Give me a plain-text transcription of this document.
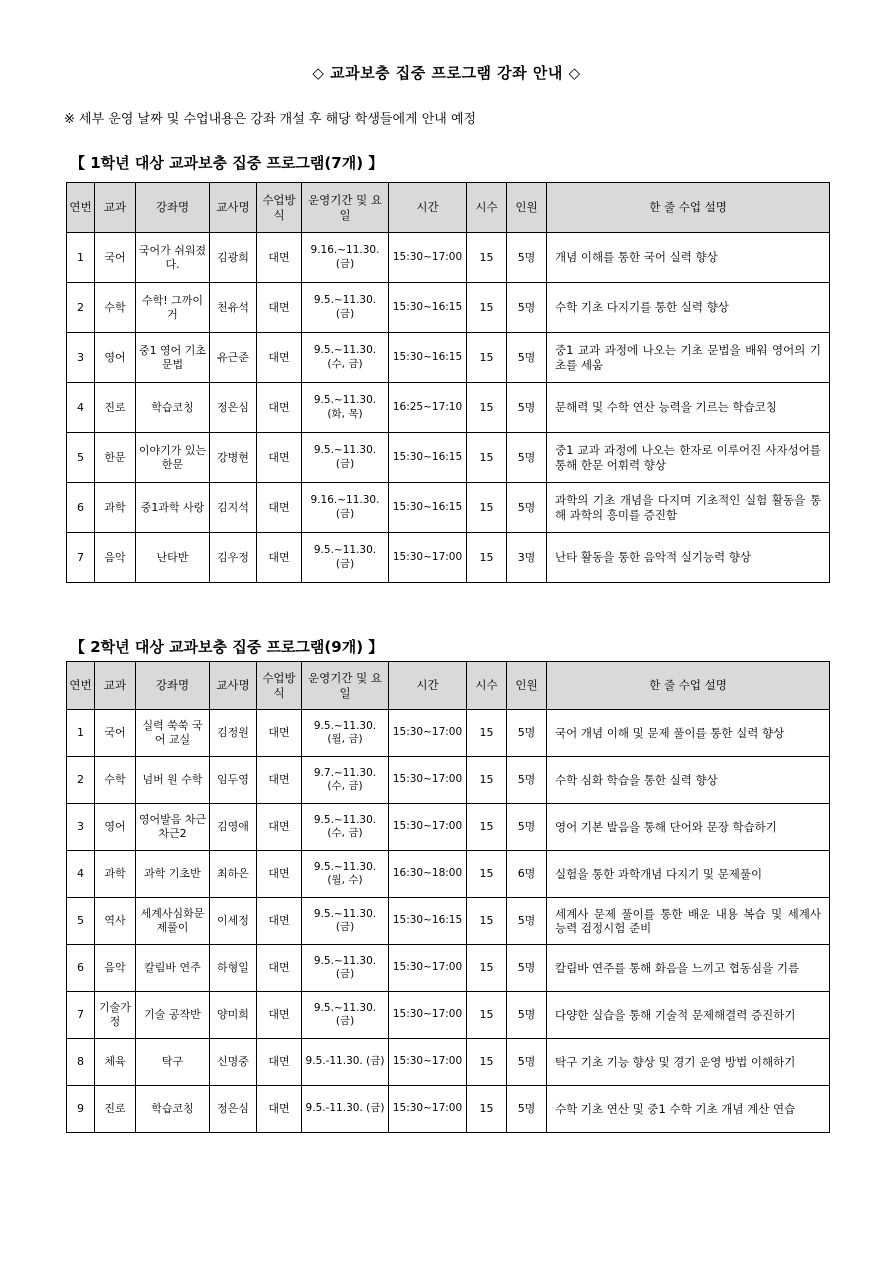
◇ 교과보충 집중 프로그램 강좌 안내 ◇
※ 세부 운영 날짜 및 수업내용은 강좌 개설 후 해당 학생들에게 안내 예정
【 1학년 대상 교과보충 집중 프로그램(7개) 】
연번	교과	강좌명	교사명	수업방식	운영기간 및 요일	시간	시수	인원	한 줄 수업 설명
1	국어	국어가 쉬워졌다.	김광희	대면	9.16.~11.30. (금)	15:30~17:00	15	5명	개념 이해를 통한 국어 실력 향상
2	수학	수학! 그까이거	천유석	대면	9.5.~11.30. (금)	15:30~16:15	15	5명	수학 기초 다지기를 통한 실력 향상
3	영어	중1 영어 기초문법	유근준	대면	9.5.~11.30. (수, 금)	15:30~16:15	15	5명	중1 교과 과정에 나오는 기초 문법을 배워 영어의 기초를 세움
4	진로	학습코칭	정은심	대면	9.5.~11.30. (화, 목)	16:25~17:10	15	5명	문해력 및 수학 연산 능력을 기르는 학습코칭
5	한문	이야기가 있는 한문	강병현	대면	9.5.~11.30. (금)	15:30~16:15	15	5명	중1 교과 과정에 나오는 한자로 이루어진 사자성어를 통해 한문 어휘력 향상
6	과학	중1과학 사랑	김지석	대면	9.16.~11.30. (금)	15:30~16:15	15	5명	과학의 기초 개념을 다지며 기초적인 실험 활동을 통해 과학의 흥미를 증진함
7	음악	난타반	김우정	대면	9.5.~11.30. (금)	15:30~17:00	15	3명	난타 활동을 통한 음악적 실기능력 향상
【 2학년 대상 교과보충 집중 프로그램(9개) 】
연번	교과	강좌명	교사명	수업방식	운영기간 및 요일	시간	시수	인원	한 줄 수업 설명
1	국어	실력 쑥쑥 국어 교실	김정원	대면	9.5.~11.30. (월, 금)	15:30~17:00	15	5명	국어 개념 이해 및 문제 풀이를 통한 실력 향상
2	수학	넘버 원 수학	임두영	대면	9.7.~11.30. (수, 금)	15:30~17:00	15	5명	수학 심화 학습을 통한 실력 향상
3	영어	영어발음 차근차근2	김영애	대면	9.5.~11.30. (수, 금)	15:30~17:00	15	5명	영어 기본 발음을 통해 단어와 문장 학습하기
4	과학	과학 기초반	최하은	대면	9.5.~11.30. (월, 수)	16:30~18:00	15	6명	실험을 통한 과학개념 다지기 및 문제풀이
5	역사	세계사심화문제풀이	이세정	대면	9.5.~11.30. (금)	15:30~16:15	15	5명	세계사 문제 풀이를 통한 배운 내용 복습 및 세계사 능력 검정시험 준비
6	음악	칼림바 연주	하형일	대면	9.5.~11.30. (금)	15:30~17:00	15	5명	칼림바 연주를 통해 화음을 느끼고 협동심을 기름
7	기술가정	기술 공작반	양미희	대면	9.5.~11.30. (금)	15:30~17:00	15	5명	다양한 실습을 통해 기술적 문제해결력 증진하기
8	체육	탁구	신명중	대면	9.5.-11.30. (금)	15:30~17:00	15	5명	탁구 기초 기능 향상 및 경기 운영 방법 이해하기
9	진로	학습코칭	정은심	대면	9.5.-11.30. (금)	15:30~17:00	15	5명	수학 기초 연산 및 중1 수학 기초 개념 계산 연습
